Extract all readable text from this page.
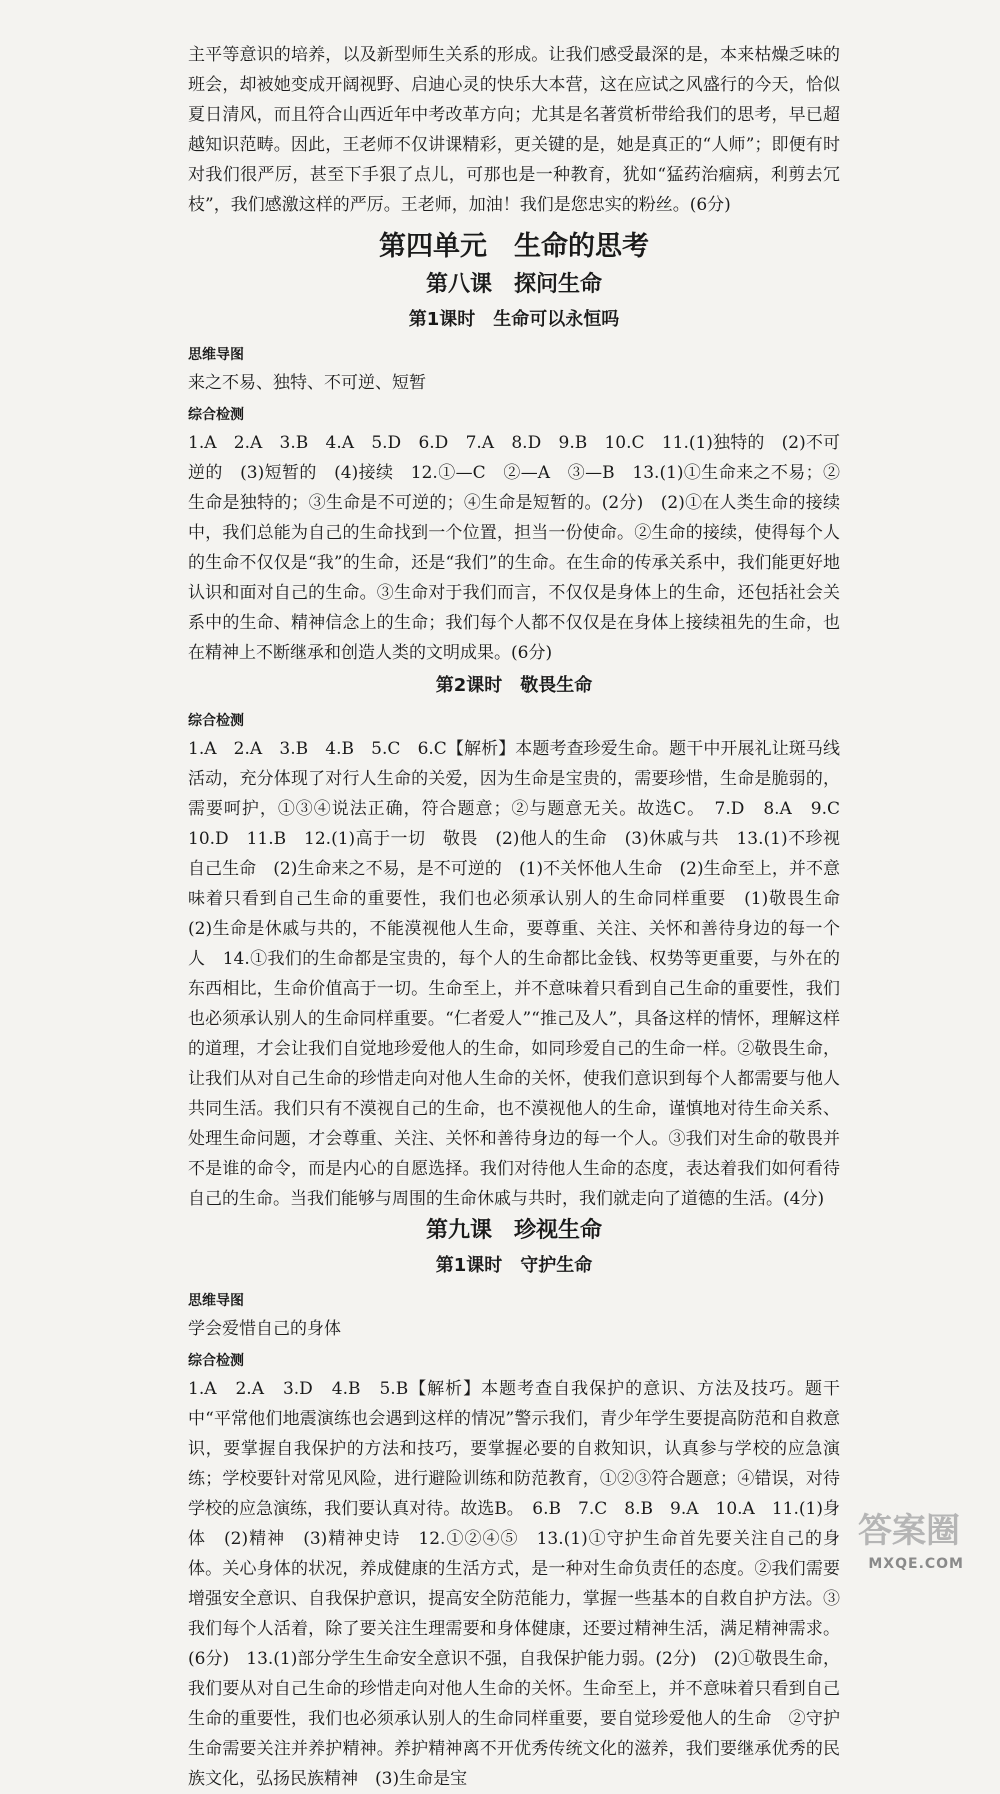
主平等意识的培养，以及新型师生关系的形成。让我们感受最深的是，本来枯燥乏味的班会，却被她变成开阔视野、启迪心灵的快乐大本营，这在应试之风盛行的今天，恰似夏日清风，而且符合山西近年中考改革方向；尤其是名著赏析带给我们的思考，早已超越知识范畴。因此，王老师不仅讲课精彩，更关键的是，她是真正的“人师”；即便有时对我们很严厉，甚至下手狠了点儿，可那也是一种教育，犹如“猛药治痼病，利剪去冗枝”，我们感激这样的严厉。王老师，加油！我们是您忠实的粉丝。(6分)

第四单元　生命的思考
第八课　探问生命
第1课时　生命可以永恒吗
思维导图

来之不易、独特、不可逆、短暂

综合检测

1.A　2.A　3.B　4.A　5.D　6.D　7.A　8.D　9.B　10.C　11.(1)独特的　(2)不可逆的　(3)短暂的　(4)接续　12.①—C　②—A　③—B　13.(1)①生命来之不易；②生命是独特的；③生命是不可逆的；④生命是短暂的。(2分)　(2)①在人类生命的接续中，我们总能为自己的生命找到一个位置，担当一份使命。②生命的接续，使得每个人的生命不仅仅是“我”的生命，还是“我们”的生命。在生命的传承关系中，我们能更好地认识和面对自己的生命。③生命对于我们而言，不仅仅是身体上的生命，还包括社会关系中的生命、精神信念上的生命；我们每个人都不仅仅是在身体上接续祖先的生命，也在精神上不断继承和创造人类的文明成果。(6分)

第2课时　敬畏生命
综合检测

1.A　2.A　3.B　4.B　5.C　6.C【解析】本题考查珍爱生命。题干中开展礼让斑马线活动，充分体现了对行人生命的关爱，因为生命是宝贵的，需要珍惜，生命是脆弱的，需要呵护，①③④说法正确，符合题意；②与题意无关。故选C。　7.D　8.A　9.C　10.D　11.B　12.(1)高于一切　敬畏　(2)他人的生命　(3)休戚与共　13.(1)不珍视自己生命　(2)生命来之不易，是不可逆的　(1)不关怀他人生命　(2)生命至上，并不意味着只看到自己生命的重要性，我们也必须承认别人的生命同样重要　(1)敬畏生命　(2)生命是休戚与共的，不能漠视他人生命，要尊重、关注、关怀和善待身边的每一个人　14.①我们的生命都是宝贵的，每个人的生命都比金钱、权势等更重要，与外在的东西相比，生命价值高于一切。生命至上，并不意味着只看到自己生命的重要性，我们也必须承认别人的生命同样重要。“仁者爱人”“推己及人”，具备这样的情怀，理解这样的道理，才会让我们自觉地珍爱他人的生命，如同珍爱自己的生命一样。②敬畏生命，让我们从对自己生命的珍惜走向对他人生命的关怀，使我们意识到每个人都需要与他人共同生活。我们只有不漠视自己的生命，也不漠视他人的生命，谨慎地对待生命关系、处理生命问题，才会尊重、关注、关怀和善待身边的每一个人。③我们对生命的敬畏并不是谁的命令，而是内心的自愿选择。我们对待他人生命的态度，表达着我们如何看待自己的生命。当我们能够与周围的生命休戚与共时，我们就走向了道德的生活。(4分)

第九课　珍视生命
第1课时　守护生命
思维导图

学会爱惜自己的身体

综合检测

1.A　2.A　3.D　4.B　5.B【解析】本题考查自我保护的意识、方法及技巧。题干中“平常他们地震演练也会遇到这样的情况”警示我们，青少年学生要提高防范和自救意识，要掌握自我保护的方法和技巧，要掌握必要的自救知识，认真参与学校的应急演练；学校要针对常见风险，进行避险训练和防范教育，①②③符合题意；④错误，对待学校的应急演练，我们要认真对待。故选B。　6.B　7.C　8.B　9.A　10.A　11.(1)身体　(2)精神　(3)精神史诗　12.①②④⑤　13.(1)①守护生命首先要关注自己的身体。关心身体的状况，养成健康的生活方式，是一种对生命负责任的态度。②我们需要增强安全意识、自我保护意识，提高安全防范能力，掌握一些基本的自救自护方法。③我们每个人活着，除了要关注生理需要和身体健康，还要过精神生活，满足精神需求。(6分)　13.(1)部分学生生命安全意识不强，自我保护能力弱。(2分)　(2)①敬畏生命，我们要从对自己生命的珍惜走向对他人生命的关怀。生命至上，并不意味着只看到自己生命的重要性，我们也必须承认别人的生命同样重要，要自觉珍爱他人的生命　②守护生命需要关注并养护精神。养护精神离不开优秀传统文化的滋养，我们要继承优秀的民族文化，弘扬民族精神　(3)生命是宝

答案圈
MXQE.COM
